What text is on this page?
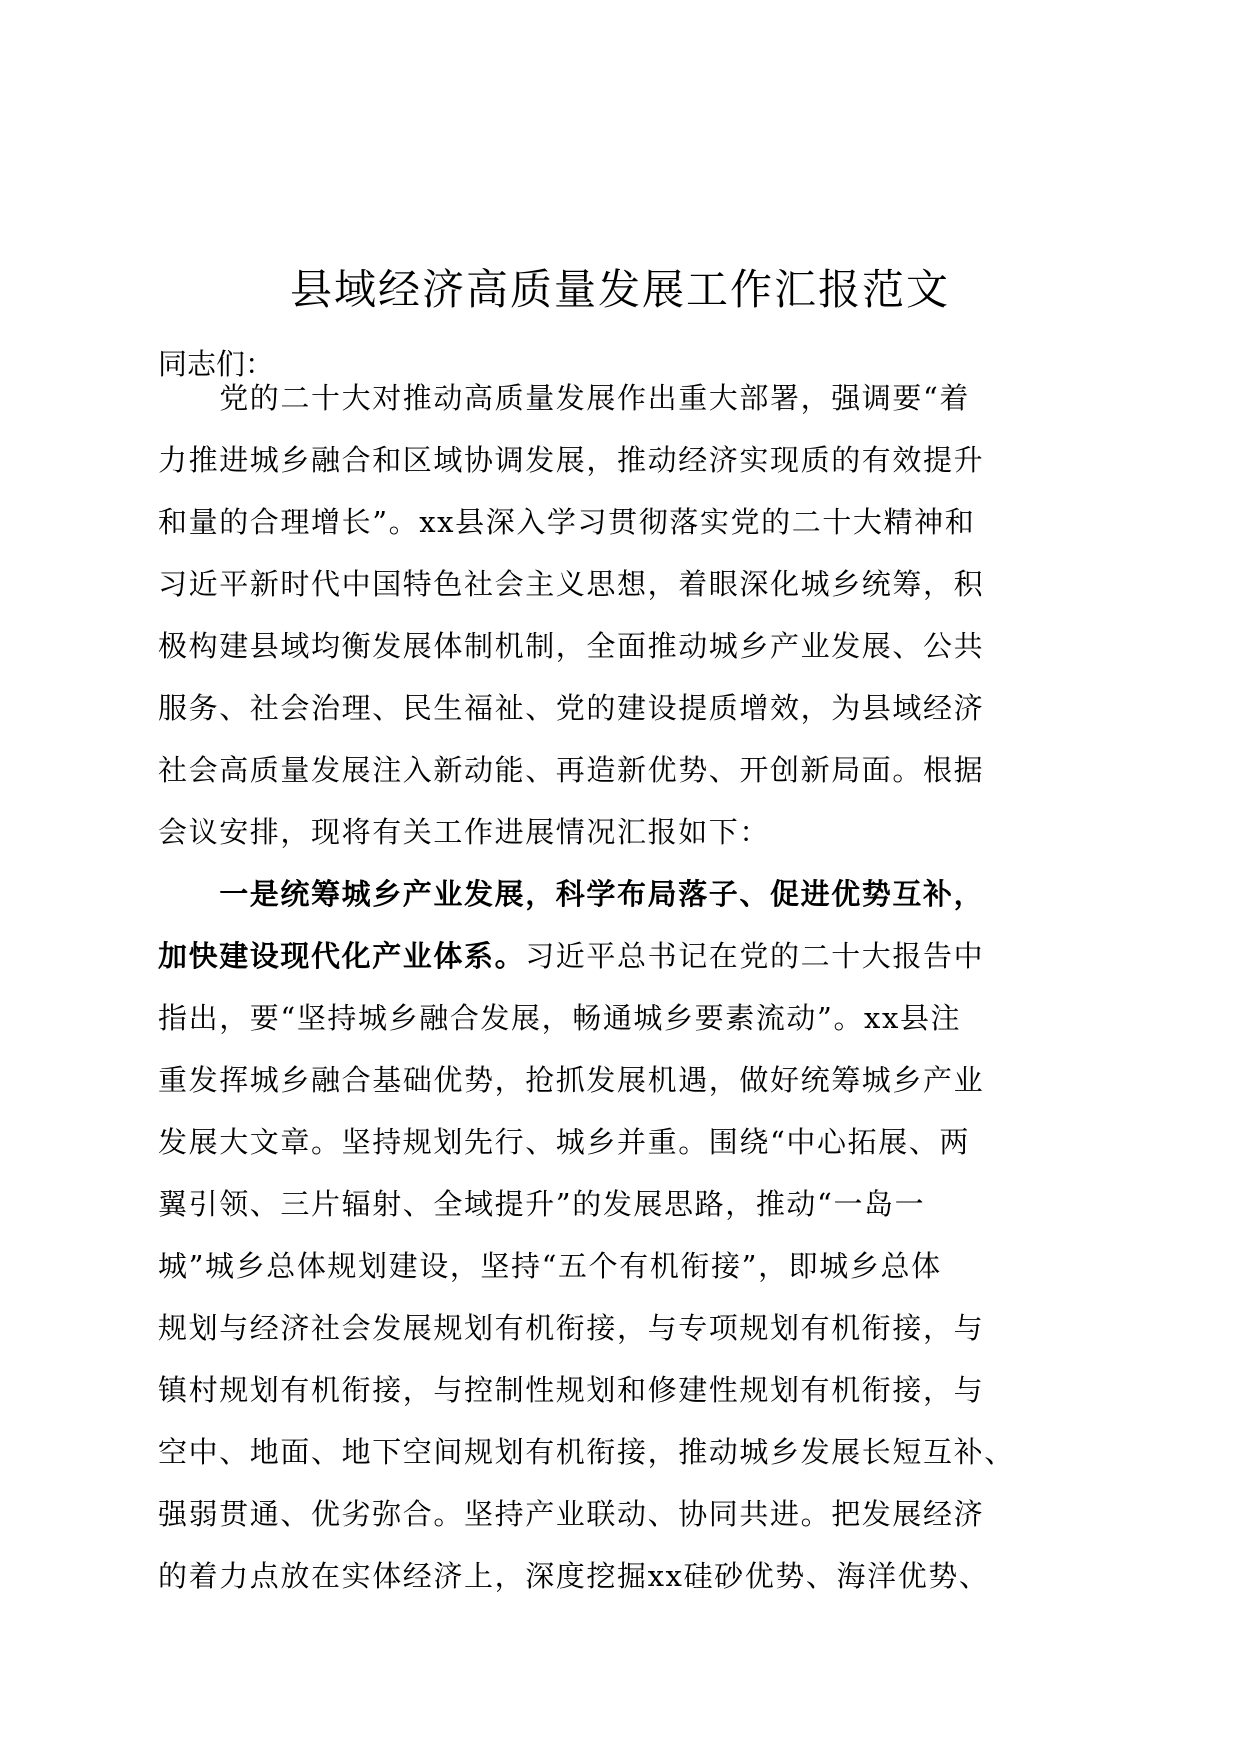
县域经济高质量发展工作汇报范文
同志们：
　　党的二十大对推动高质量发展作出重大部署，强调要“着
力推进城乡融合和区域协调发展，推动经济实现质的有效提升
和量的合理增长”。xx县深入学习贯彻落实党的二十大精神和
习近平新时代中国特色社会主义思想，着眼深化城乡统筹，积
极构建县域均衡发展体制机制，全面推动城乡产业发展、公共
服务、社会治理、民生福祉、党的建设提质增效，为县域经济
社会高质量发展注入新动能、再造新优势、开创新局面。根据
会议安排，现将有关工作进展情况汇报如下：
　　一是统筹城乡产业发展，科学布局落子、促进优势互补，
加快建设现代化产业体系。习近平总书记在党的二十大报告中
指出，要“坚持城乡融合发展，畅通城乡要素流动”。xx县注
重发挥城乡融合基础优势，抢抓发展机遇，做好统筹城乡产业
发展大文章。坚持规划先行、城乡并重。围绕“中心拓展、两
翼引领、三片辐射、全域提升”的发展思路，推动“一岛一
城”城乡总体规划建设，坚持“五个有机衔接”，即城乡总体
规划与经济社会发展规划有机衔接，与专项规划有机衔接，与
镇村规划有机衔接，与控制性规划和修建性规划有机衔接，与
空中、地面、地下空间规划有机衔接，推动城乡发展长短互补、
强弱贯通、优劣弥合。坚持产业联动、协同共进。把发展经济
的着力点放在实体经济上，深度挖掘xx硅砂优势、海洋优势、
